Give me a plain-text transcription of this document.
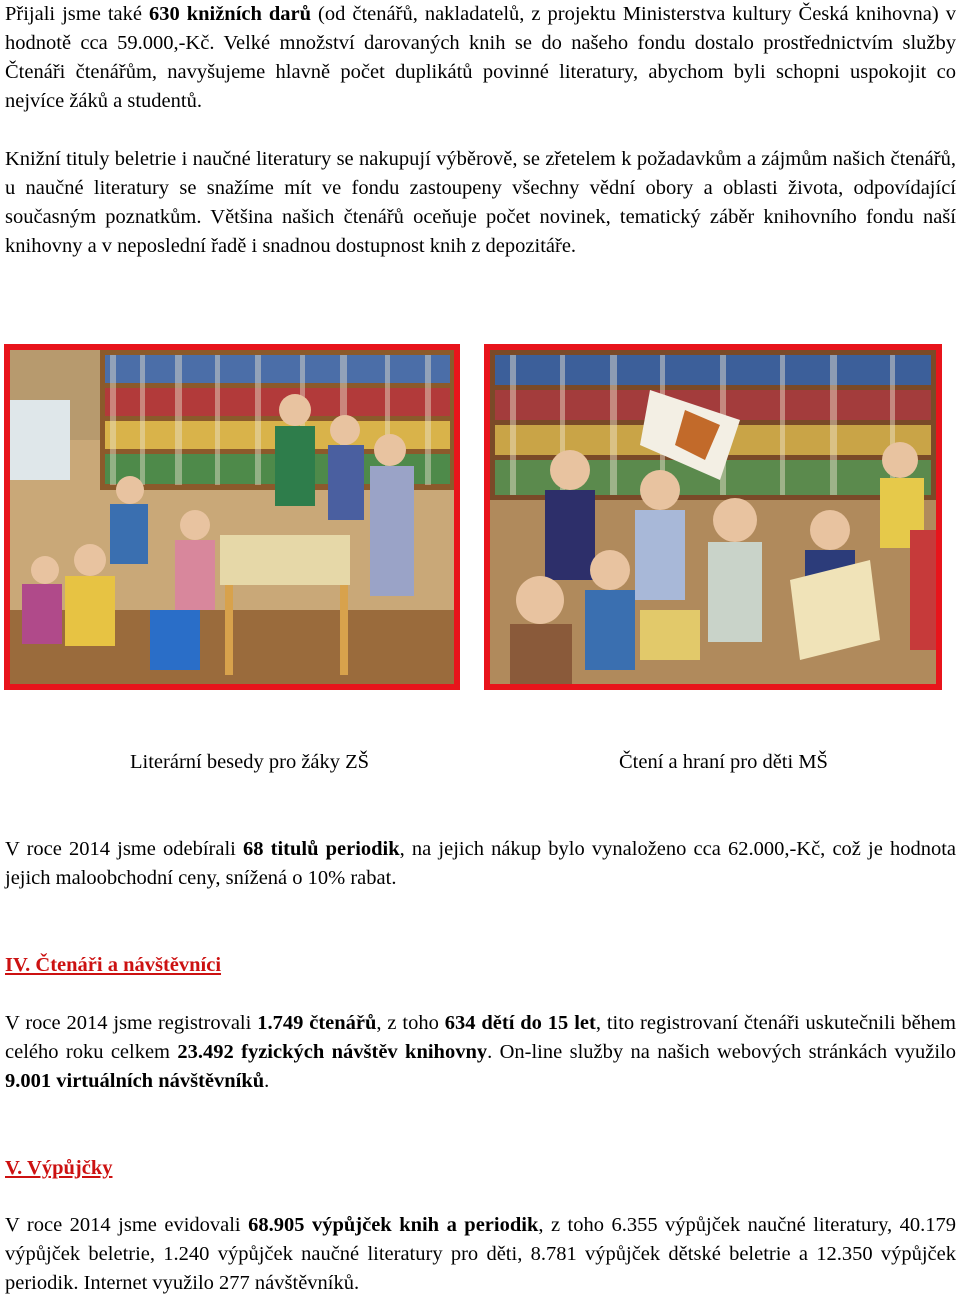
Přijali jsme také 630 knižních darů (od čtenářů, nakladatelů, z projektu Ministerstva kultury Česká knihovna) v hodnotě cca 59.000,-Kč. Velké množství darovaných knih se do našeho fondu dostalo prostřednictvím služby Čtenáři čtenářům, navyšujeme hlavně počet duplikátů povinné literatury, abychom byli schopni uspokojit co nejvíce žáků a studentů.

Knižní tituly beletrie i naučné literatury se nakupují výběrově, se zřetelem k požadavkům a zájmům našich čtenářů, u naučné literatury se snažíme mít ve fondu zastoupeny všechny vědní obory a oblasti života, odpovídající současným poznatkům. Většina našich čtenářů oceňuje počet novinek, tematický záběr knihovního fondu naší knihovny a v neposlední řadě i snadnou dostupnost knih z depozitáře.

Literární besedy pro žáky ZŠ	Čtení a hraní pro děti MŠ

V roce 2014 jsme odebírali 68 titulů periodik, na jejich nákup bylo vynaloženo cca 62.000,-Kč, což je hodnota jejich maloobchodní ceny, snížená o 10% rabat.

IV. Čtenáři a návštěvníci

V roce 2014 jsme registrovali 1.749 čtenářů, z toho 634 dětí do 15 let, tito registrovaní čtenáři uskutečnili během celého roku celkem 23.492 fyzických návštěv knihovny. On-line služby na našich webových stránkách využilo 9.001 virtuálních návštěvníků.

V. Výpůjčky

V roce 2014 jsme evidovali 68.905 výpůjček knih a periodik, z toho 6.355 výpůjček naučné literatury, 40.179 výpůjček beletrie, 1.240 výpůjček naučné literatury pro děti, 8.781 výpůjček dětské beletrie a 12.350 výpůjček periodik. Internet využilo 277 návštěvníků.
